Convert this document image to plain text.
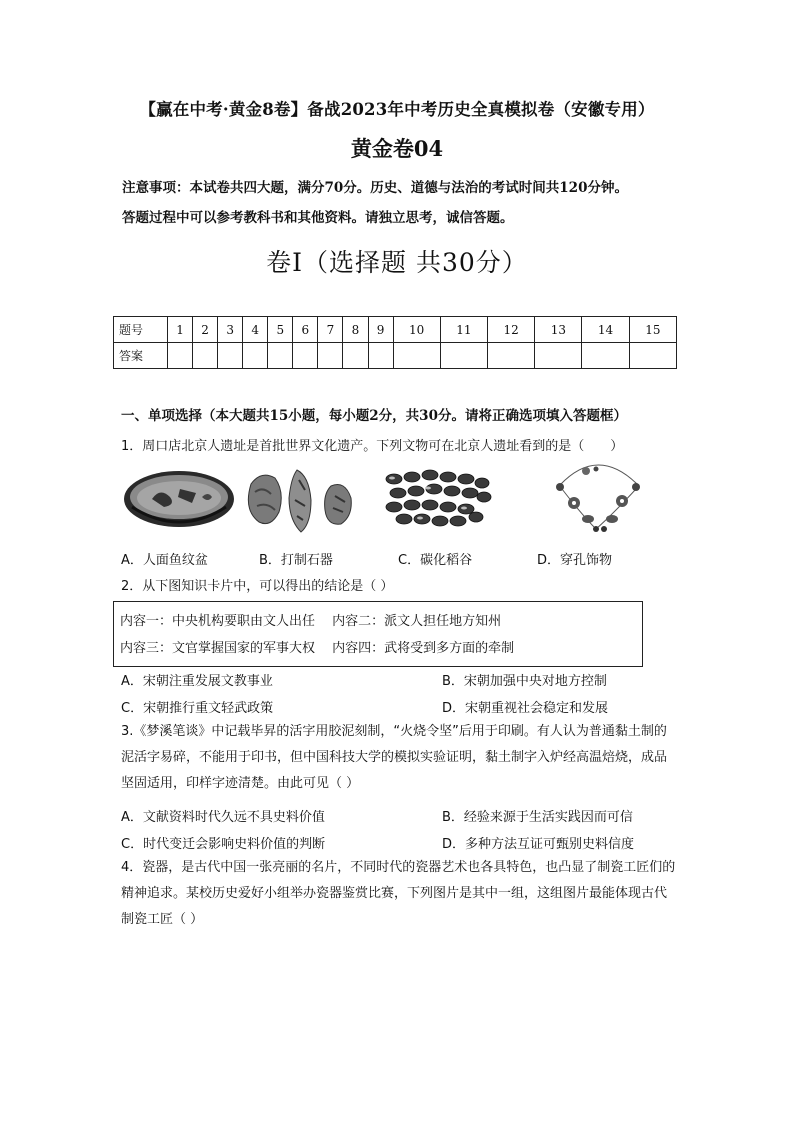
【赢在中考·黄金8卷】备战2023年中考历史全真模拟卷（安徽专用）
黄金卷04
注意事项：本试卷共四大题，满分70分。历史、道德与法治的考试时间共120分钟。
答题过程中可以参考教科书和其他资料。请独立思考，诚信答题。
卷Ⅰ（选择题 共30分）
题号	1	2	3	4	5	6	7	8	9	10	11	12	13	14	15
答案															
一、单项选择（本大题共15小题，每小题2分，共30分。请将正确选项填入答题框）
1．周口店北京人遗址是首批世界文化遗产。下列文物可在北京人遗址看到的是（　　）
A．人面鱼纹盆	B．打制石器	C．碳化稻谷	D．穿孔饰物
2．从下图知识卡片中，可以得出的结论是（ ）
内容一：中央机构要职由文人出任　 内容二：派文人担任地方知州
内容三：文官掌握国家的军事大权　 内容四：武将受到多方面的牵制
A．宋朝注重发展文教事业	B．宋朝加强中央对地方控制
C．宋朝推行重文轻武政策	D．宋朝重视社会稳定和发展
3.《梦溪笔谈》中记载毕昇的活字用胶泥刻制，“火烧令坚”后用于印刷。有人认为普通黏土制的
泥活字易碎，不能用于印书，但中国科技大学的模拟实验证明，黏土制字入炉经高温焙烧，成品
坚固适用，印样字迹清楚。由此可见（ ）
A．文献资料时代久远不具史料价值	B．经验来源于生活实践因而可信
C．时代变迁会影响史料价值的判断	D．多种方法互证可甄别史料信度
4．瓷器，是古代中国一张亮丽的名片，不同时代的瓷器艺术也各具特色，也凸显了制瓷工匠们的
精神追求。某校历史爱好小组举办瓷器鉴赏比赛，下列图片是其中一组，这组图片最能体现古代
制瓷工匠（ ）
